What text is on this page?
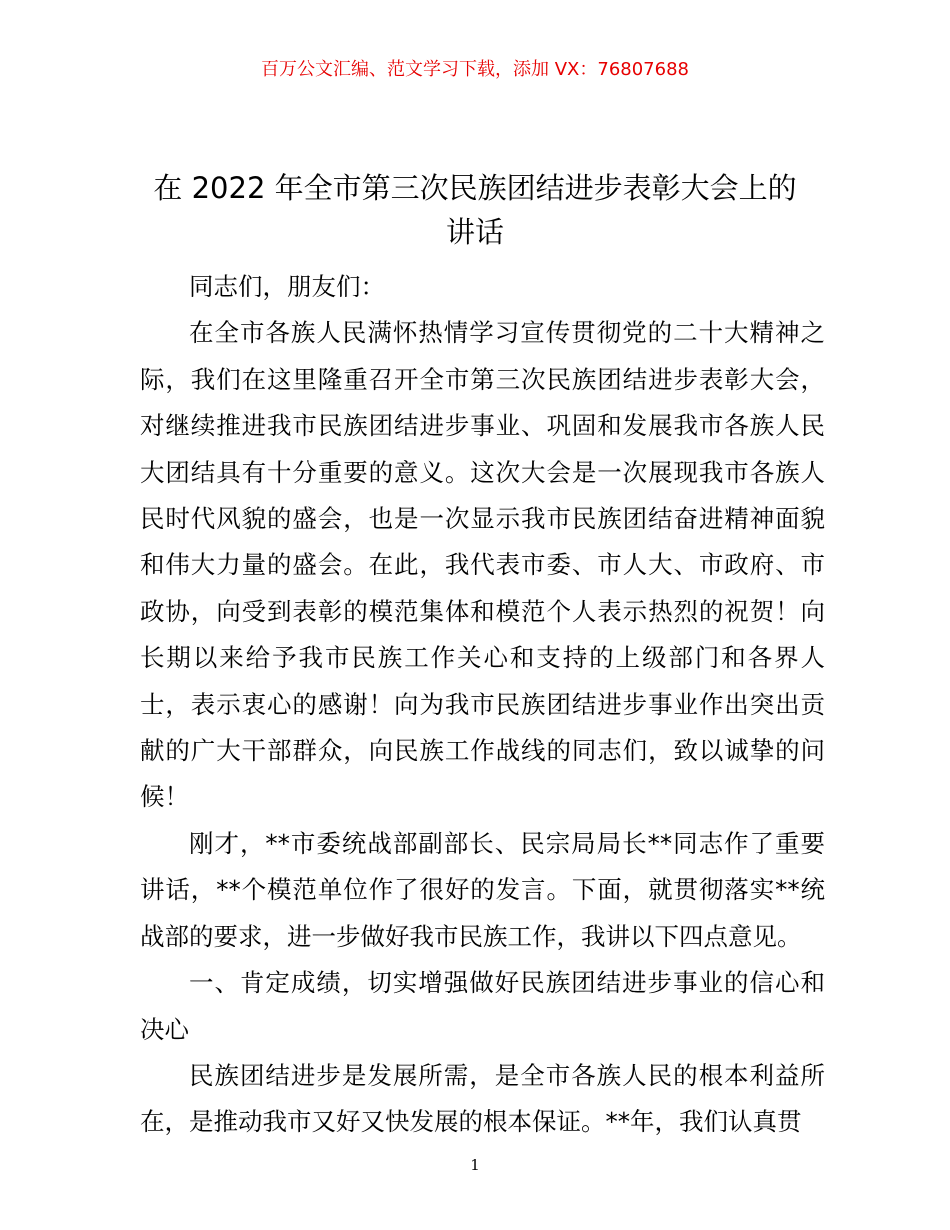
百万公文汇编、范文学习下载，添加 VX：76807688
在 2022 年全市第三次民族团结进步表彰大会上的讲话

同志们，朋友们：

在全市各族人民满怀热情学习宣传贯彻党的二十大精神之际，我们在这里隆重召开全市第三次民族团结进步表彰大会，对继续推进我市民族团结进步事业、巩固和发展我市各族人民大团结具有十分重要的意义。这次大会是一次展现我市各族人民时代风貌的盛会，也是一次显示我市民族团结奋进精神面貌和伟大力量的盛会。在此，我代表市委、市人大、市政府、市政协，向受到表彰的模范集体和模范个人表示热烈的祝贺！向长期以来给予我市民族工作关心和支持的上级部门和各界人士，表示衷心的感谢！向为我市民族团结进步事业作出突出贡献的广大干部群众，向民族工作战线的同志们，致以诚挚的问候！

刚才，**市委统战部副部长、民宗局局长**同志作了重要讲话，**个模范单位作了很好的发言。下面，就贯彻落实**统战部的要求，进一步做好我市民族工作，我讲以下四点意见。

一、肯定成绩，切实增强做好民族团结进步事业的信心和决心

民族团结进步是发展所需，是全市各族人民的根本利益所在，是推动我市又好又快发展的根本保证。**年，我们认真贯

1
